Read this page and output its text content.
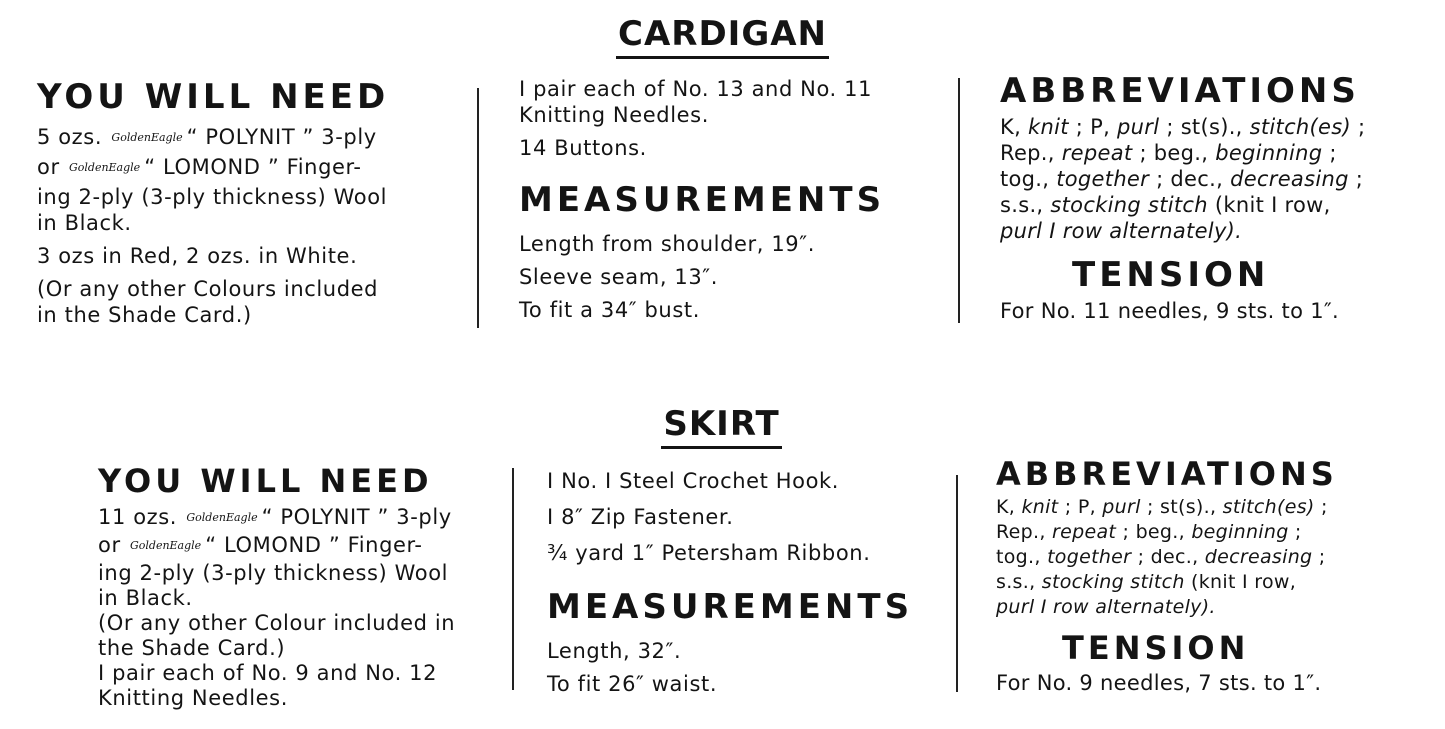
CARDIGAN

YOU WILL NEED

5 ozs. GoldenEagle “ POLYNIT ” 3-ply

or GoldenEagle “ LOMOND ” Finger-

ing 2-ply (3-ply thickness) Wool

in Black.

3 ozs in Red, 2 ozs. in White.

(Or any other Colours included

in the Shade Card.)

I pair each of No. 13 and No. 11

Knitting Needles.

14 Buttons.

MEASUREMENTS

Length from shoulder, 19″.

Sleeve seam, 13″.

To fit a 34″ bust.

ABBREVIATIONS

K, knit ; P, purl ; st(s)., stitch(es) ;

Rep., repeat ; beg., beginning ;

tog., together ; dec., decreasing ;

s.s., stocking stitch (knit I row,

purl I row alternately).

TENSION

For No. 11 needles, 9 sts. to 1″.

SKIRT

YOU WILL NEED

11 ozs. GoldenEagle “ POLYNIT ” 3-ply

or GoldenEagle “ LOMOND ” Finger-

ing 2-ply (3-ply thickness) Wool

in Black.

(Or any other Colour included in

the Shade Card.)

I pair each of No. 9 and No. 12

Knitting Needles.

I No. I Steel Crochet Hook.

I 8″ Zip Fastener.

¾ yard 1″ Petersham Ribbon.

MEASUREMENTS

Length, 32″.

To fit 26″ waist.

ABBREVIATIONS

K, knit ; P, purl ; st(s)., stitch(es) ;

Rep., repeat ; beg., beginning ;

tog., together ; dec., decreasing ;

s.s., stocking stitch (knit I row,

purl I row alternately).

TENSION

For No. 9 needles, 7 sts. to 1″.
